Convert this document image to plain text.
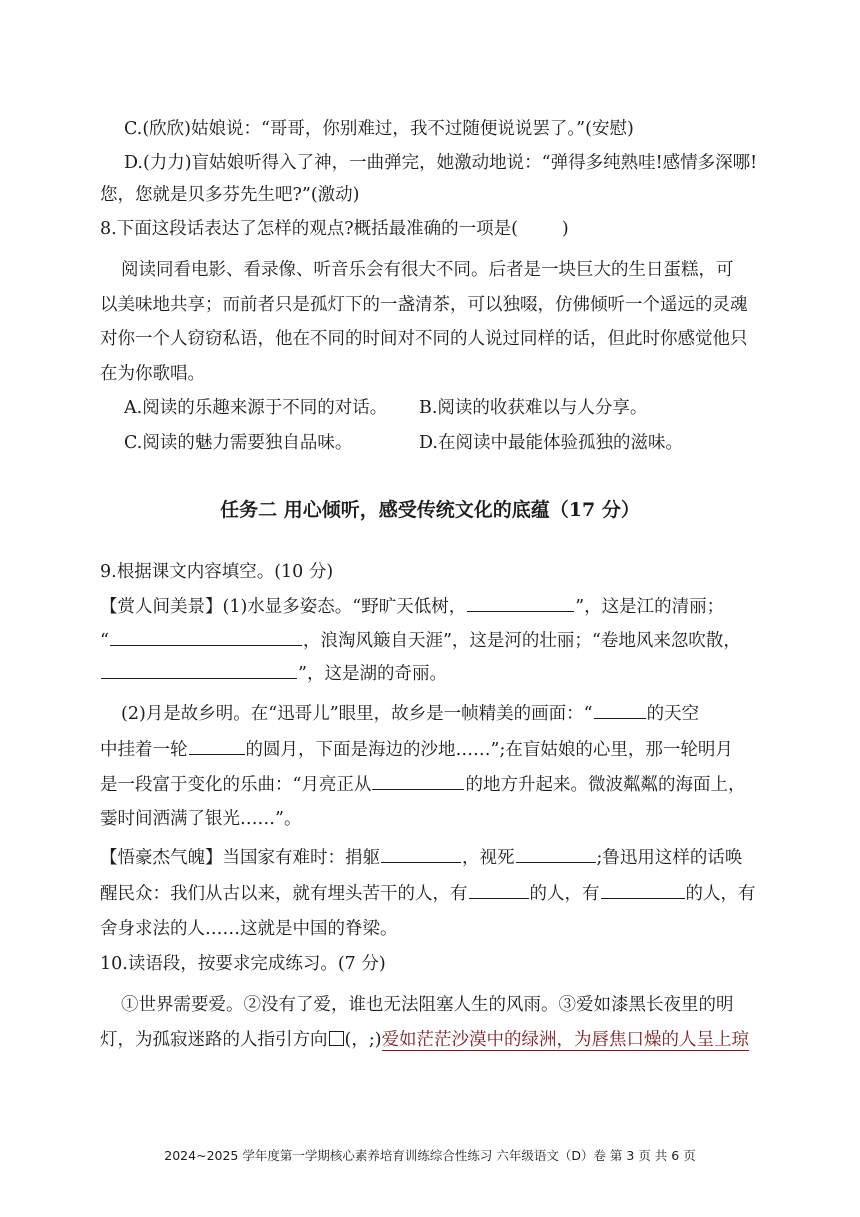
C.(欣欣)姑娘说：“哥哥，你别难过，我不过随便说说罢了。”(安慰)
D.(力力)盲姑娘听得入了神，一曲弹完，她激动地说：“弹得多纯熟哇!感情多深哪!
您，您就是贝多芬先生吧?”(激动)
8.下面这段话表达了怎样的观点?概括最准确的一项是(	)
阅读同看电影、看录像、听音乐会有很大不同。后者是一块巨大的生日蛋糕，可
以美味地共享；而前者只是孤灯下的一盏清茶，可以独啜，仿佛倾听一个遥远的灵魂
对你一个人窃窃私语，他在不同的时间对不同的人说过同样的话，但此时你感觉他只
在为你歌唱。
A.阅读的乐趣来源于不同的对话。 B.阅读的收获难以与人分享。
C.阅读的魅力需要独自品味。	D.在阅读中最能体验孤独的滋味。
任务二 用心倾听，感受传统文化的底蕴（17 分）
9.根据课文内容填空。(10 分)
【赏人间美景】(1)水显多姿态。“野旷天低树，	”，这是江的清丽；
“	，浪淘风簸自天涯”，这是河的壮丽；“卷地风来忽吹散，
”，这是湖的奇丽。
(2)月是故乡明。在“迅哥儿”眼里，故乡是一帧精美的画面：“	的天空
中挂着一轮	的圆月，下面是海边的沙地……”;在盲姑娘的心里，那一轮明月
是一段富于变化的乐曲：“月亮正从	的地方升起来。微波粼粼的海面上，
霎时间洒满了银光……”。
【悟豪杰气魄】当国家有难时：捐躯	，视死	;鲁迅用这样的话唤
醒民众：我们从古以来，就有埋头苦干的人，有	的人，有	的人，有
舍身求法的人……这就是中国的脊梁。
10.读语段，按要求完成练习。(7 分)
①世界需要爱。②没有了爱，谁也无法阻塞人生的风雨。③爱如漆黑长夜里的明
灯，为孤寂迷路的人指引方向 (，;)爱如茫茫沙漠中的绿洲，为唇焦口燥的人呈上琼
2024~2025 学年度第一学期核心素养培育训练综合性练习 六年级语文（D）卷 第 3 页 共 6 页
